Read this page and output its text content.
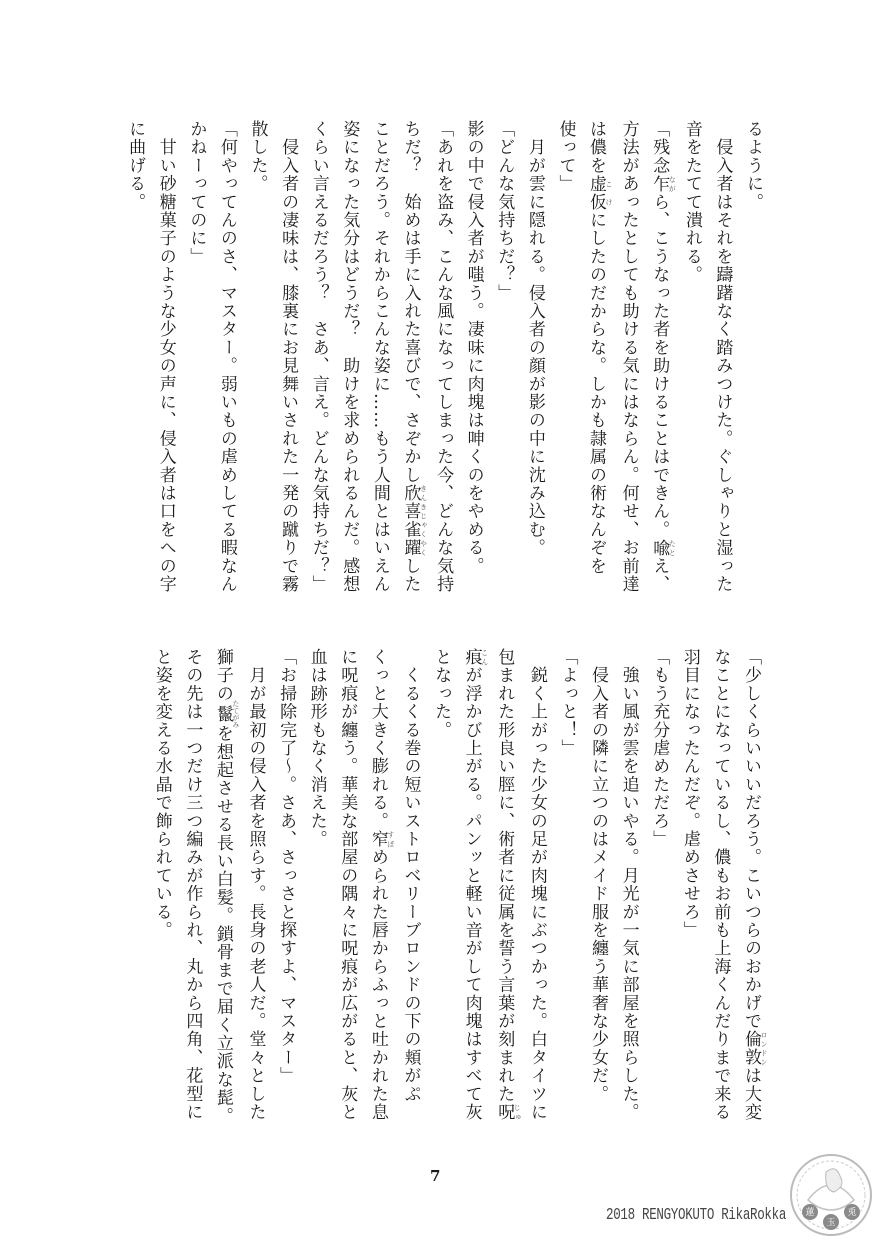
るように。
　侵入者はそれを躊躇なく踏みつけた。ぐしゃりと湿った
音をたてて潰れる。
「残念乍 ながら、こうなった者を助けることはできん。喩 たとえ、
方法があったとしても助ける気にはならん。何せ、お前達
は儂を虚仮 こけにしたのだからな。しかも隷属の術なんぞを
使って」
　月が雲に隠れる。侵入者の顔が影の中に沈み込む。
「どんな気持ちだ？」
影の中で侵入者が嗤う。凄味に肉塊は呻くのをやめる。
「あれを盗み、こんな風になってしまった今、どんな気持
ちだ？　始めは手に入れた喜びで、さぞかし欣喜雀躍 きんきじゃくやくした
ことだろう。それからこんな姿に……もう人間とはいえん
姿になった気分はどうだ？　助けを求められるんだ。感想
くらい言えるだろう？　さあ、言え。どんな気持ちだ？」
　侵入者の凄味は、膝裏にお見舞いされた一発の蹴りで霧
散した。
「何やってんのさ、マスター。弱いもの虐めしてる暇なん
かねーってのに」
　甘い砂糖菓子のような少女の声に、侵入者は口をへの字
に曲げる。
「少しくらいいいだろう。こいつらのおかげで倫敦 ロンドンは大変
なことになっているし、儂もお前も上海くんだりまで来る
羽目になったんだぞ。虐めさせろ」
「もう充分虐めただろ」
　強い風が雲を追いやる。月光が一気に部屋を照らした。
　侵入者の隣に立つのはメイド服を纏う華奢な少女だ。
「よっと！」
　鋭く上がった少女の足が肉塊にぶつかった。白タイツに
包まれた形良い脛に、術者に従属を誓う言葉が刻まれた呪 じゅ
痕 こんが浮かび上がる。パンッと軽い音がして肉塊はすべて灰
となった。
　くるくる巻の短いストロベリーブロンドの下の頬がぷ
くっと大きく膨れる。窄 すぼめられた唇からふっと吐かれた息
に呪痕が纏う。華美な部屋の隅々に呪痕が広がると、灰と
血は跡形もなく消えた。
「お掃除完了～。さあ、さっさと探すよ、マスター」
　月が最初の侵入者を照らす。長身の老人だ。堂々とした
獅子の鬣 たてがみを想起させる長い白髪。鎖骨まで届く立派な髭。
その先は一つだけ三つ編みが作られ、丸から四角、花型に
と姿を変える水晶で飾られている。
7
2018 RENGYOKUTO RikaRokka 蓮
玉
兎
